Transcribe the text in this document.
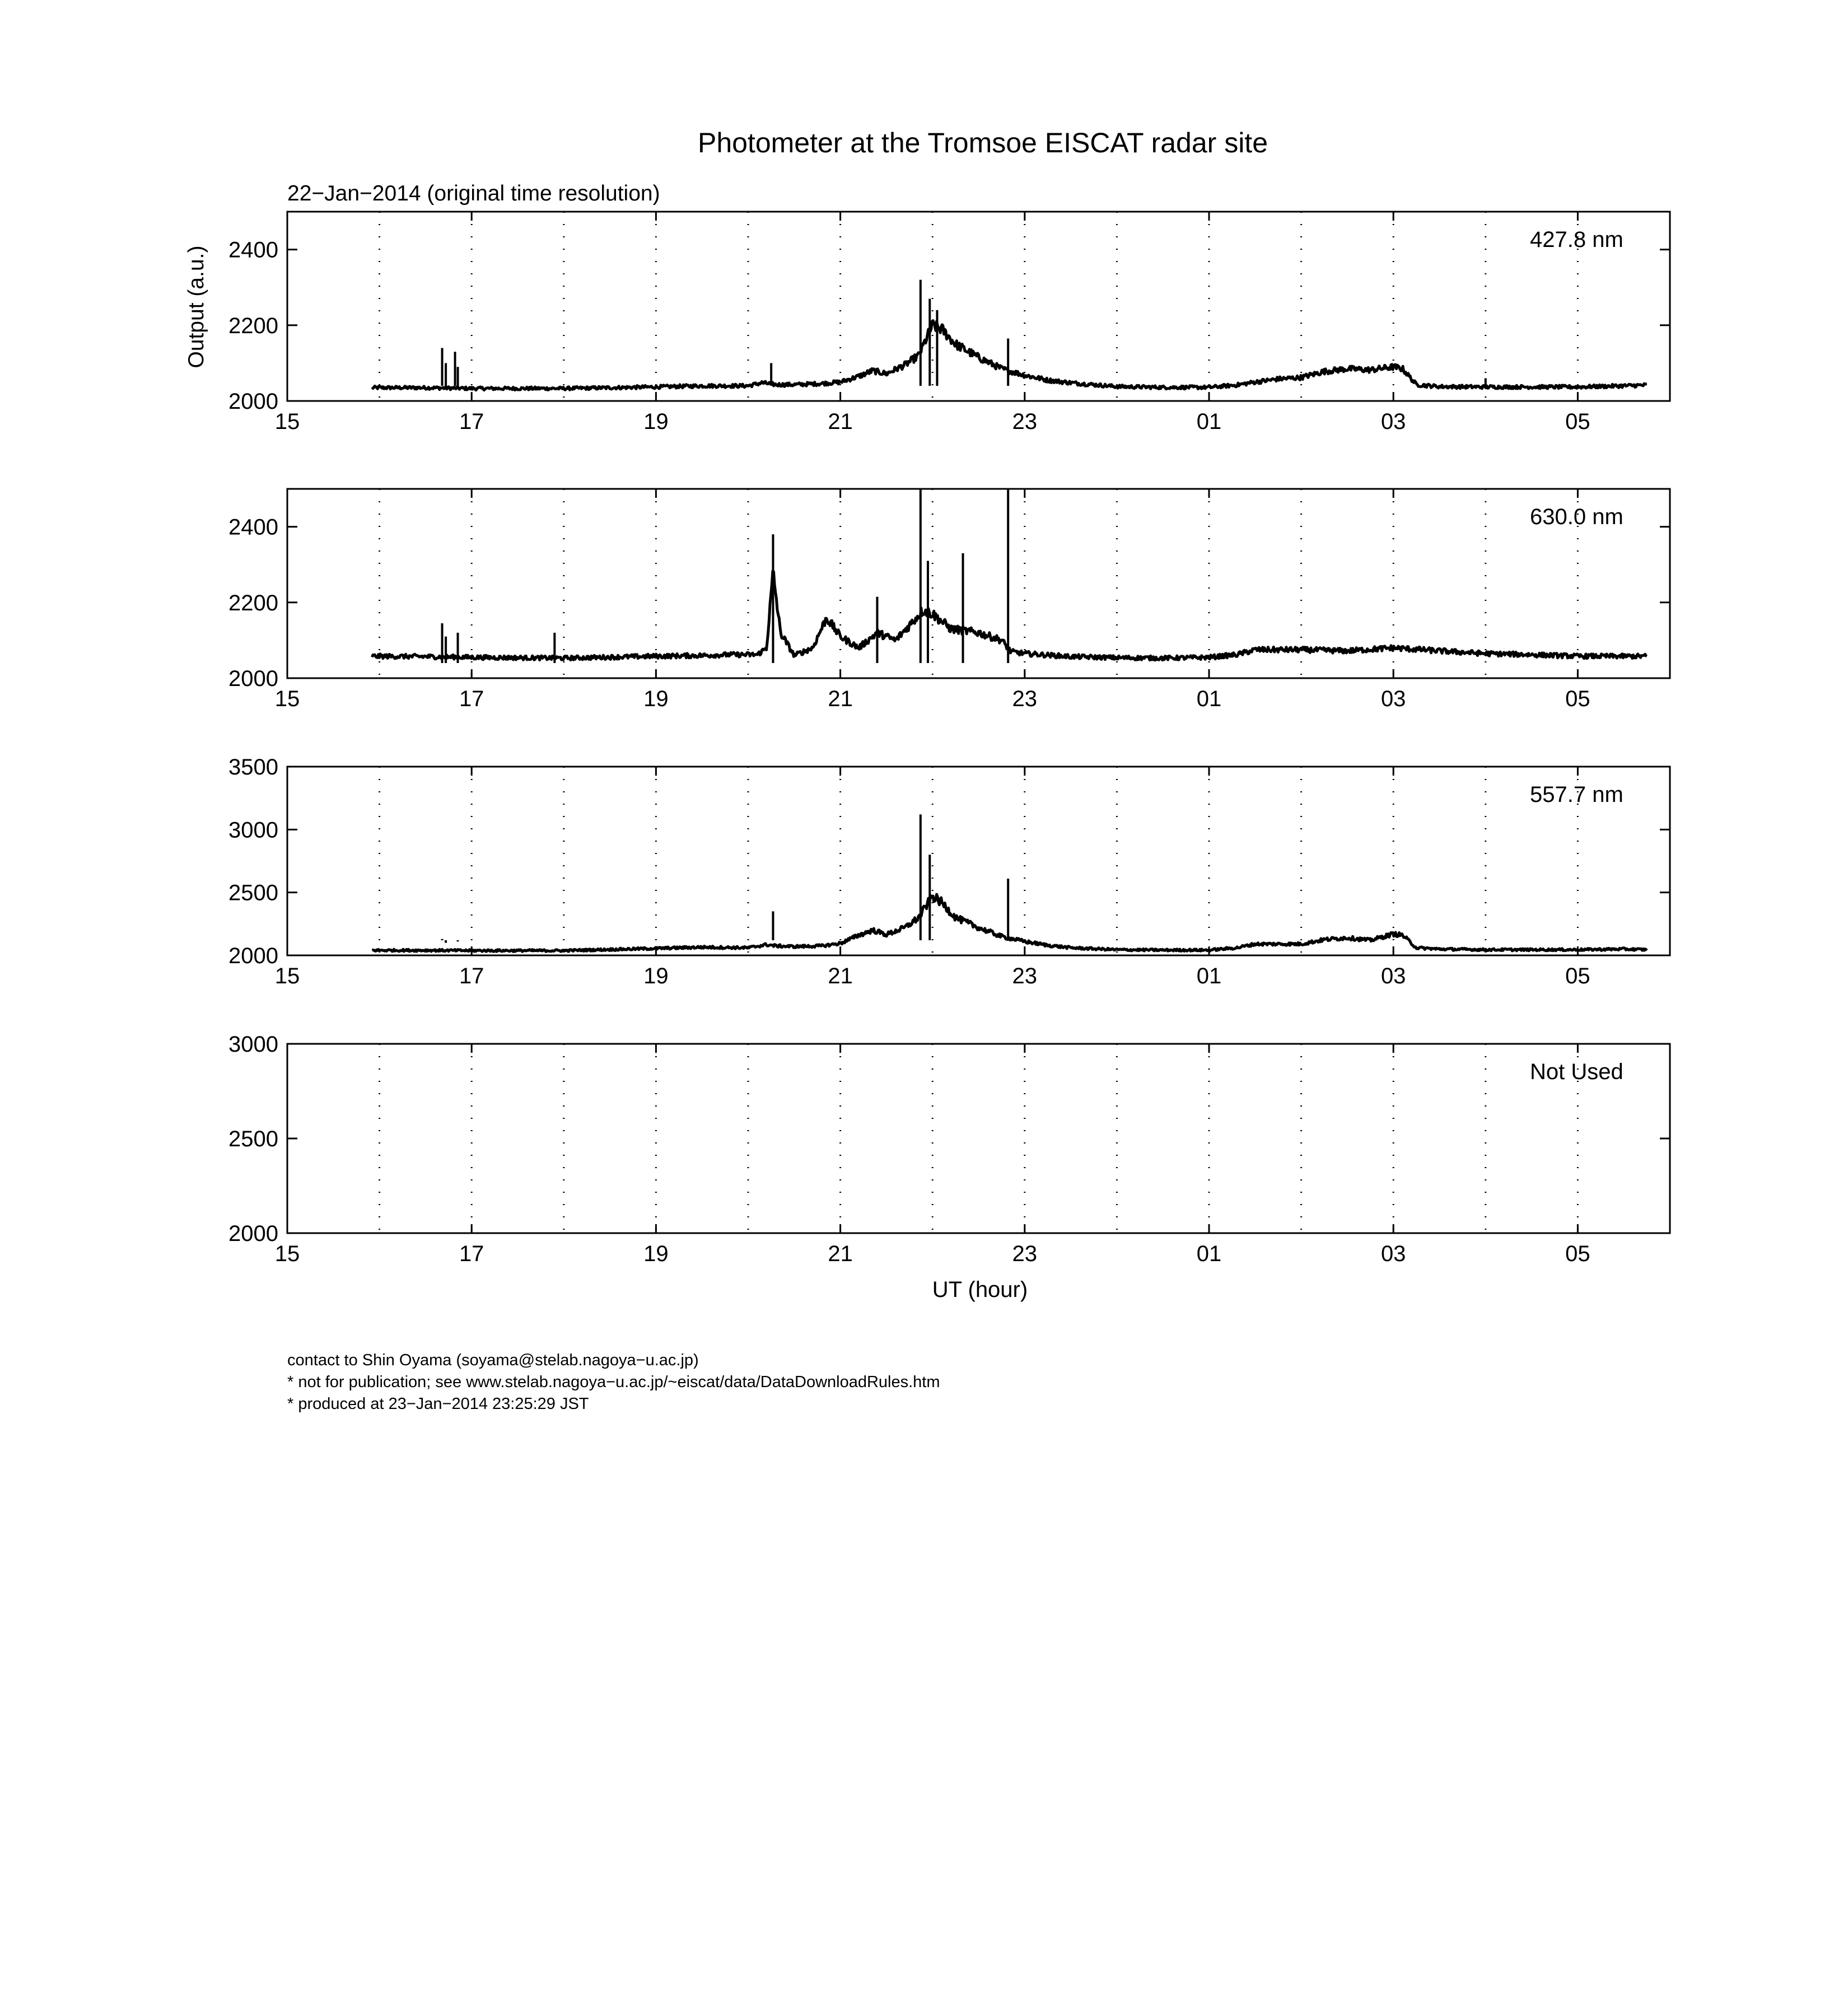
Photometer at the Tromsoe EISCAT radar site
22−Jan−2014 (original time resolution)
Output (a.u.)
UT (hour)
15	17	19	21	23	01	03	05
2000
2200
2400	427.8 nm
15	17	19	21	23	01	03	05
2000
2200
2400	630.0 nm
15	17	19	21	23	01	03	05
2000
2500
3000
3500
557.7 nm
15	17	19	21	23	01	03	05
2000
2500
3000
Not Used
contact to Shin Oyama (soyama@stelab.nagoya−u.ac.jp)
* not for publication; see www.stelab.nagoya−u.ac.jp/~eiscat/data/DataDownloadRules.htm
* produced at 23−Jan−2014 23:25:29 JST
